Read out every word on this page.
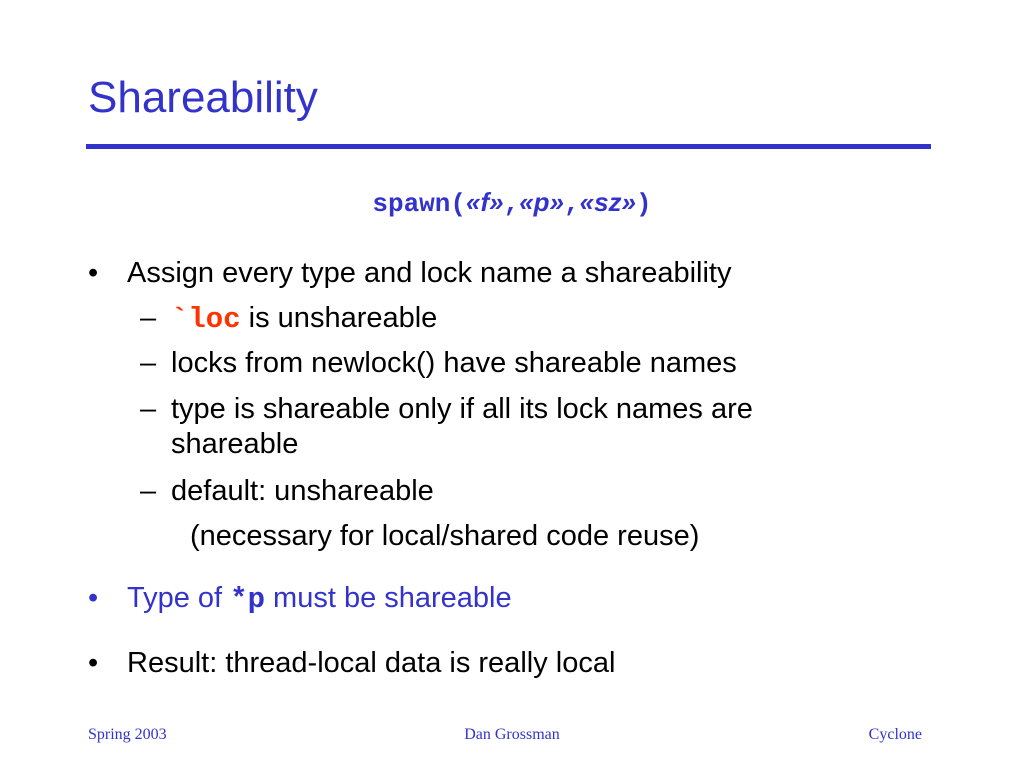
Shareability
spawn(«f»,«p»,«sz»)
• Assign every type and lock name a shareability
– `loc is unshareable
– locks from newlock() have shareable names
– type is shareable only if all its lock names are
shareable
– default: unshareable
(necessary for local/shared code reuse)
• Type of *p must be shareable
• Result: thread-local data is really local
Spring 2003	Dan Grossman	Cyclone
